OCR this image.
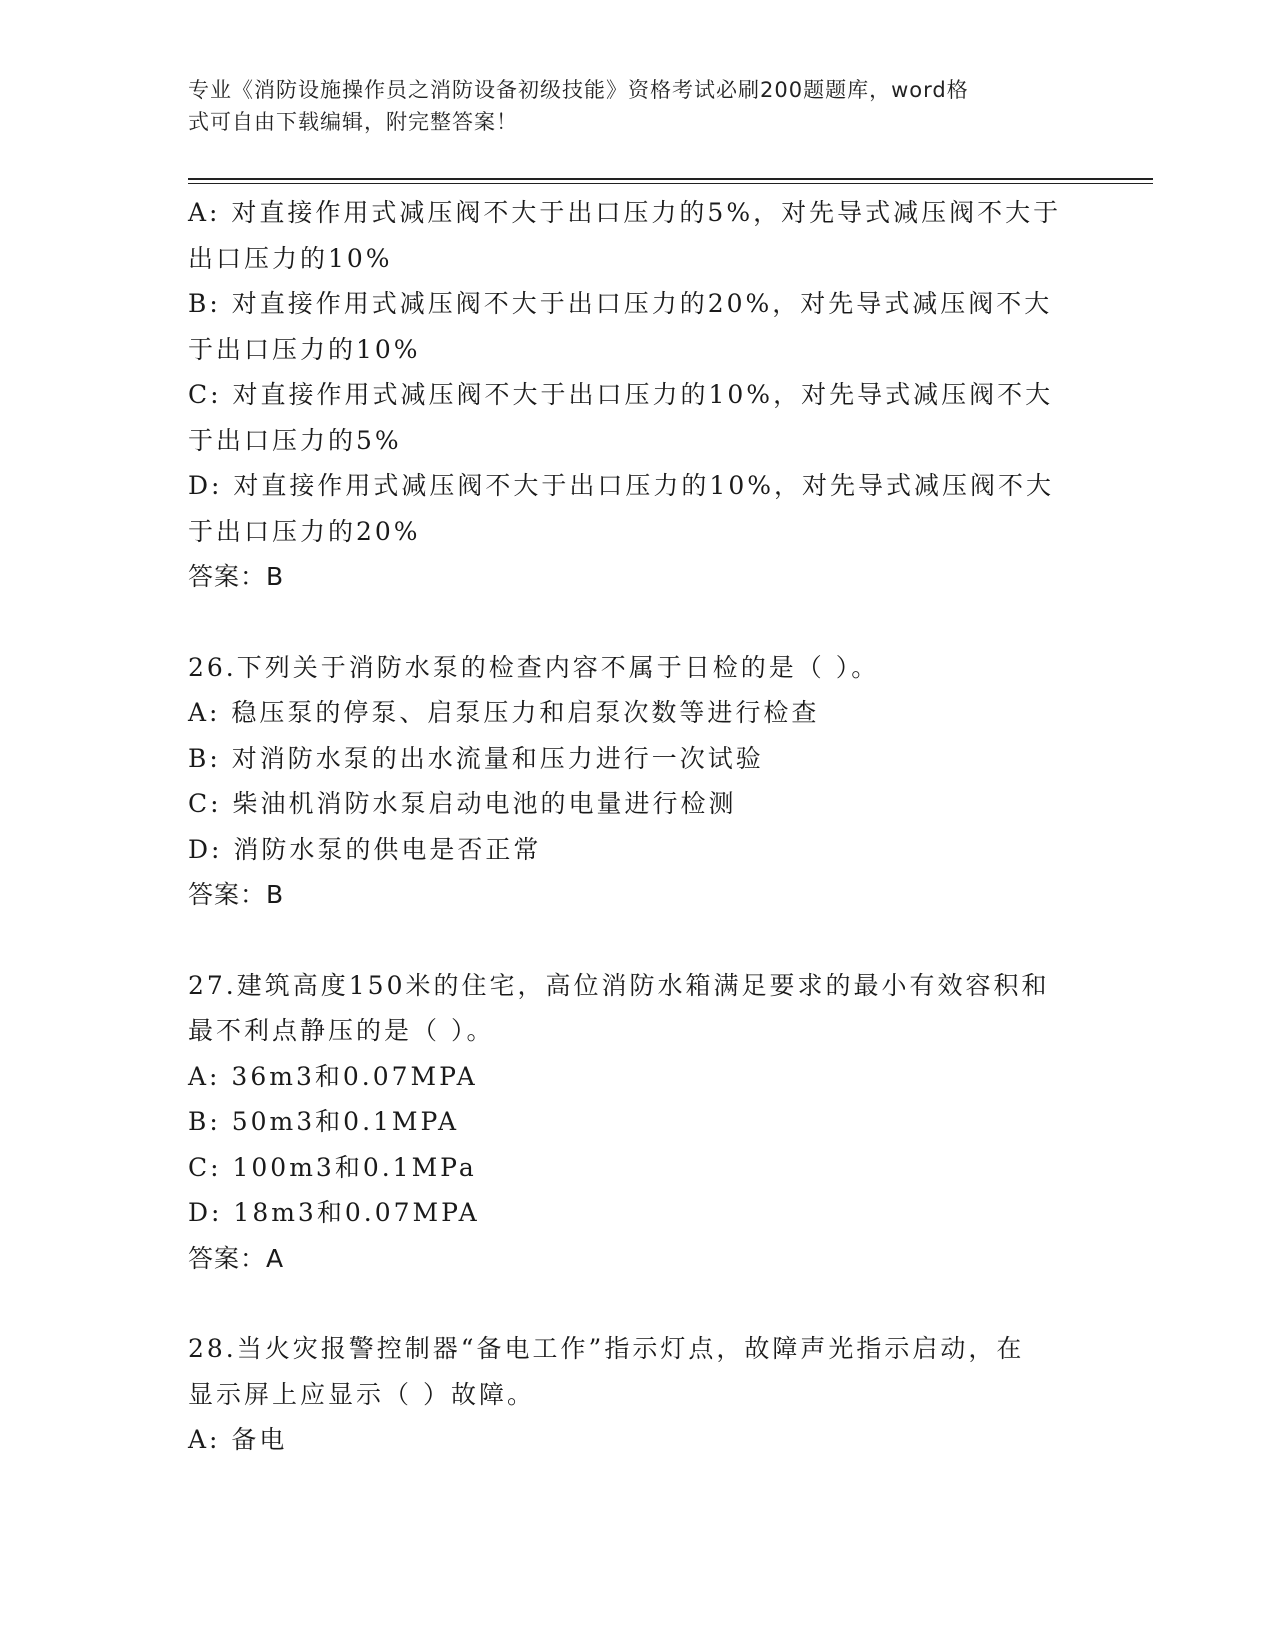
专业《消防设施操作员之消防设备初级技能》资格考试必刷200题题库，word格
式可自由下载编辑，附完整答案！
A: 对直接作用式减压阀不大于出口压力的5%，对先导式减压阀不大于
出口压力的10%
B: 对直接作用式减压阀不大于出口压力的20%，对先导式减压阀不大
于出口压力的10%
C: 对直接作用式减压阀不大于出口压力的10%，对先导式减压阀不大
于出口压力的5%
D: 对直接作用式减压阀不大于出口压力的10%，对先导式减压阀不大
于出口压力的20%
答案：B
26.下列关于消防水泵的检查内容不属于日检的是（ ）。
A: 稳压泵的停泵、启泵压力和启泵次数等进行检查
B: 对消防水泵的出水流量和压力进行一次试验
C: 柴油机消防水泵启动电池的电量进行检测
D: 消防水泵的供电是否正常
答案：B
27.建筑高度150米的住宅，高位消防水箱满足要求的最小有效容积和
最不利点静压的是（ ）。
A: 36m3和0.07MPA
B: 50m3和0.1MPA
C: 100m3和0.1MPa
D: 18m3和0.07MPA
答案：A
28.当火灾报警控制器“备电工作”指示灯点，故障声光指示启动，在
显示屏上应显示（ ）故障。
A: 备电
